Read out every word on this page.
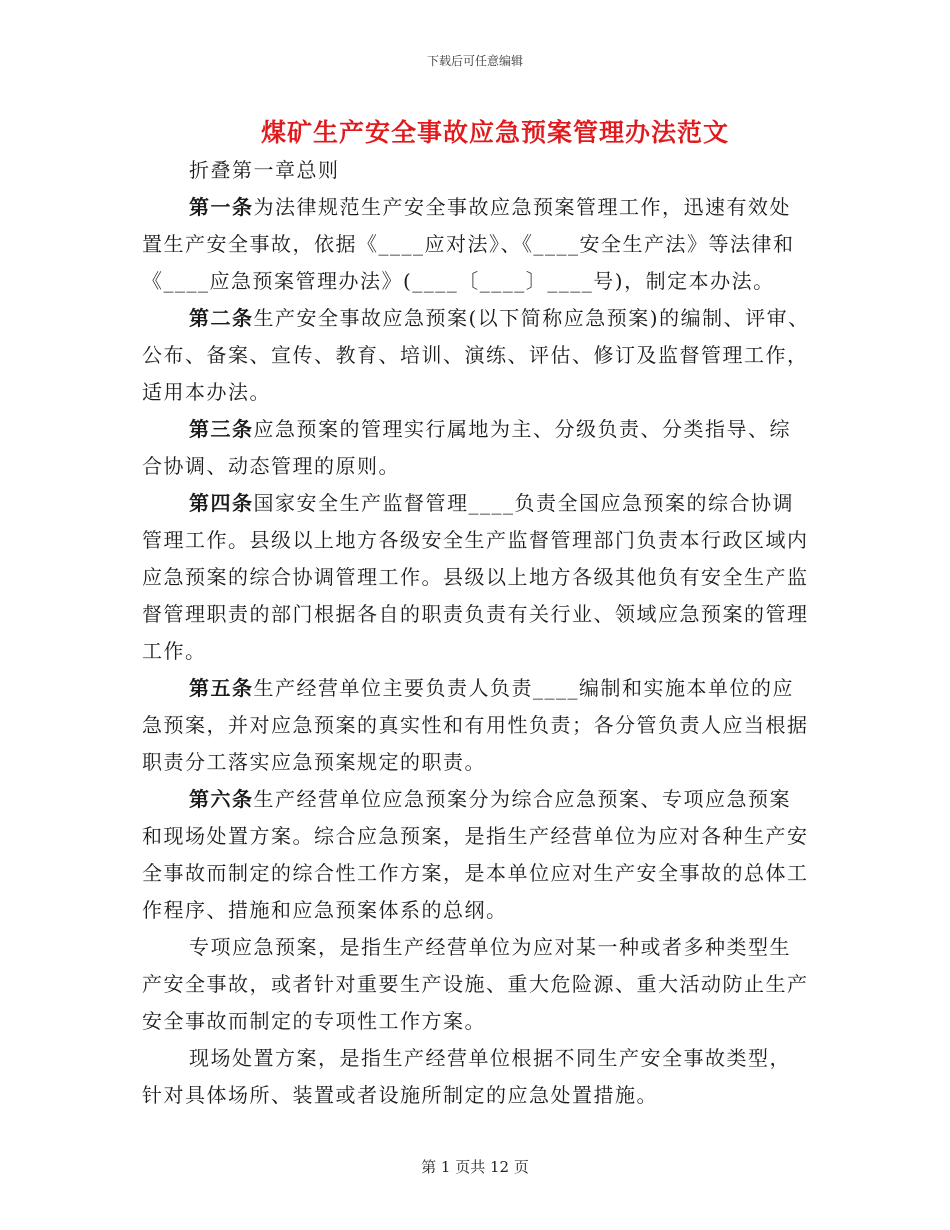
下载后可任意编辑
煤矿生产安全事故应急预案管理办法范文

折叠第一章总则

第一条为法律规范生产安全事故应急预案管理工作，迅速有效处置生产安全事故，依据《____应对法》、《____安全生产法》等法律和《____应急预案管理办法》(____〔____〕____号)，制定本办法。

第二条生产安全事故应急预案(以下简称应急预案)的编制、评审、公布、备案、宣传、教育、培训、演练、评估、修订及监督管理工作，适用本办法。

第三条应急预案的管理实行属地为主、分级负责、分类指导、综合协调、动态管理的原则。

第四条国家安全生产监督管理____负责全国应急预案的综合协调管理工作。县级以上地方各级安全生产监督管理部门负责本行政区域内应急预案的综合协调管理工作。县级以上地方各级其他负有安全生产监督管理职责的部门根据各自的职责负责有关行业、领域应急预案的管理工作。

第五条生产经营单位主要负责人负责____编制和实施本单位的应急预案，并对应急预案的真实性和有用性负责；各分管负责人应当根据职责分工落实应急预案规定的职责。

第六条生产经营单位应急预案分为综合应急预案、专项应急预案和现场处置方案。综合应急预案，是指生产经营单位为应对各种生产安全事故而制定的综合性工作方案，是本单位应对生产安全事故的总体工作程序、措施和应急预案体系的总纲。

专项应急预案，是指生产经营单位为应对某一种或者多种类型生产安全事故，或者针对重要生产设施、重大危险源、重大活动防止生产安全事故而制定的专项性工作方案。

现场处置方案，是指生产经营单位根据不同生产安全事故类型，针对具体场所、装置或者设施所制定的应急处置措施。

第 1 页共 12 页
